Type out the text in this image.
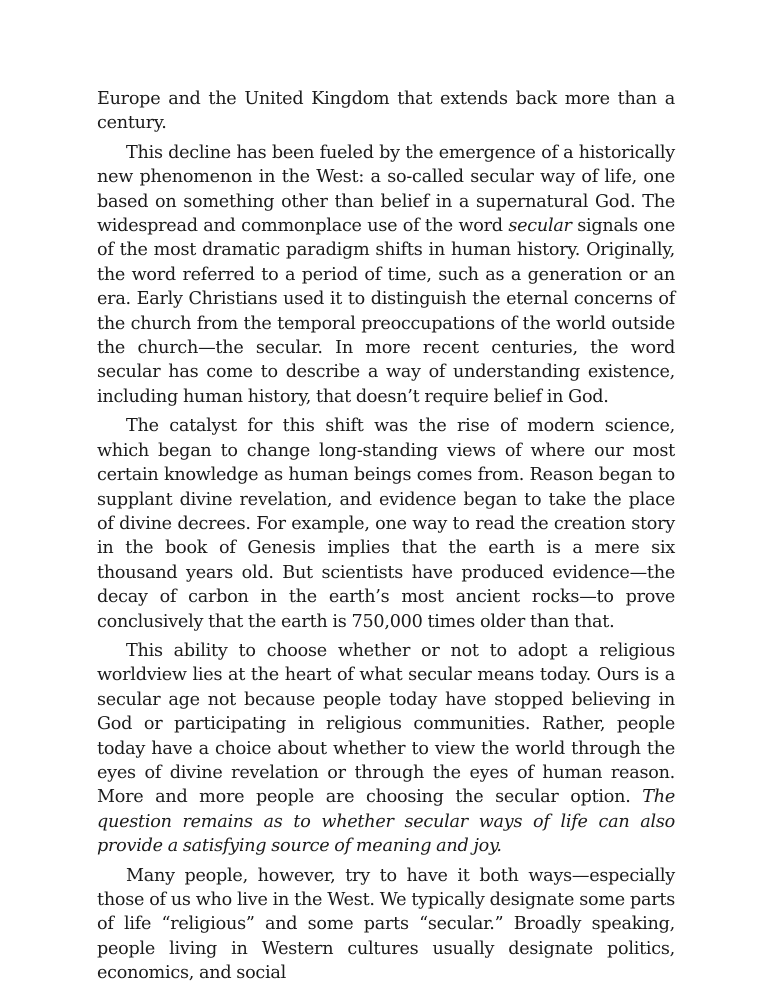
Europe and the United Kingdom that extends back more than a century.

This decline has been fueled by the emergence of a historically new phenomenon in the West: a so-called secular way of life, one based on something other than belief in a supernatural God. The widespread and commonplace use of the word secular signals one of the most dramatic paradigm shifts in human history. Originally, the word referred to a period of time, such as a generation or an era. Early Christians used it to distinguish the eternal concerns of the church from the temporal preoccupations of the world outside the church—the secular. In more recent centuries, the word secular has come to describe a way of understanding existence, including human history, that doesn’t require belief in God.

The catalyst for this shift was the rise of modern science, which began to change long-standing views of where our most certain knowledge as human beings comes from. Reason began to supplant divine revelation, and evidence began to take the place of divine decrees. For example, one way to read the creation story in the book of Genesis implies that the earth is a mere six thousand years old. But scientists have produced evidence—the decay of carbon in the earth’s most ancient rocks—to prove conclusively that the earth is 750,000 times older than that.

This ability to choose whether or not to adopt a religious worldview lies at the heart of what secular means today. Ours is a secular age not because people today have stopped believing in God or participating in religious communities. Rather, people today have a choice about whether to view the world through the eyes of divine revelation or through the eyes of human reason. More and more people are choosing the secular option. The question remains as to whether secular ways of life can also provide a satisfying source of meaning and joy.

Many people, however, try to have it both ways—especially those of us who live in the West. We typically designate some parts of life “religious” and some parts “secular.” Broadly speaking, people living in Western cultures usually designate politics, economics, and social
